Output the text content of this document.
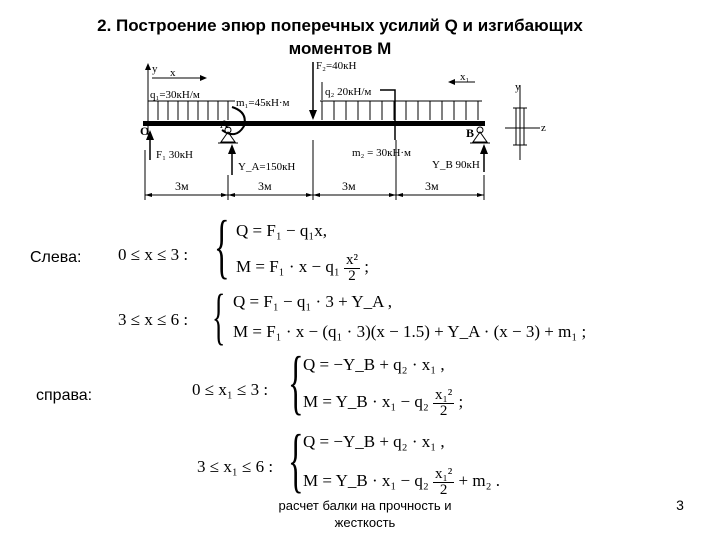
2. Построение эпюр поперечных усилий Q и изгибающих
моментов М
F₂=40кН
q₁=30кН/м
m₁=45кН·м
q₂ 20кН/м
m₂ = 30кН·м
F₁ 30кН
Y_A=150кН	Y_B 90кН
O	A
B
y x	x₁
z
y
3м	3м	3м	3м
Слева:
справа:
0 ≤ x ≤ 3 : { Q = F₁ − q₁x,
$M = F_1 \cdot x - q_1 \frac{\text{x²}}{2}$ ;
3 ≤ x ≤ 6 : { Q = F₁ − q₁ · 3 + Y_A ,
M = F₁ · x − (q₁ · 3)(x − 1.5) + Y_A · (x − 3) + m₁ ;
0 ≤ x₁ ≤ 3 : { Q = −Y_B + q₂ · x₁ ,
M = Y_B · $x_1 - q_2 \frac{\text{x₁²}}{2}$ ;
3 ≤ x₁ ≤ 6 : { Q = −Y_B + q₂ · x₁ ,
M = Y_B · $x_1 - q_2 \frac{\text{x₁²}}{2} + m_2$ .
расчет балки на прочность и жесткость
3
